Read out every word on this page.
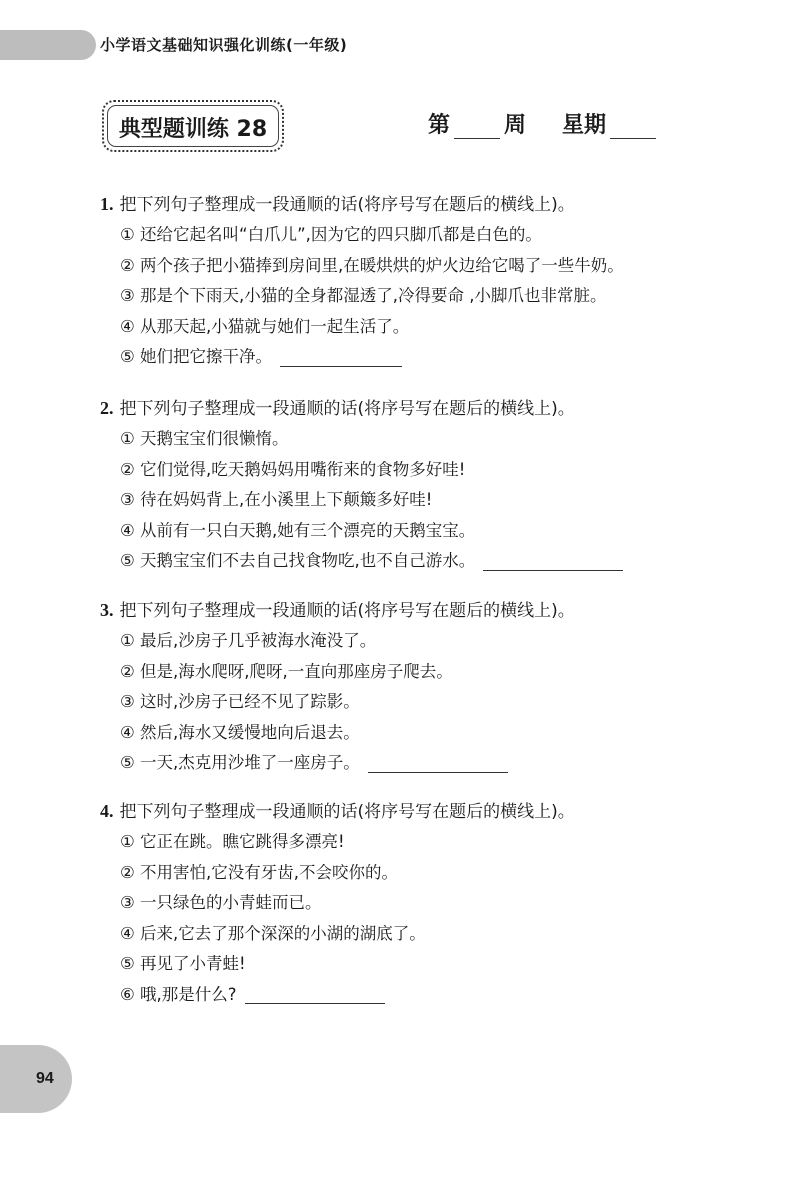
小学语文基础知识强化训练(一年级)
典型题训练 28	第 周 星期
1. 把下列句子整理成一段通顺的话(将序号写在题后的横线上)。
① 还给它起名叫“白爪儿”,因为它的四只脚爪都是白色的。
② 两个孩子把小猫捧到房间里,在暖烘烘的炉火边给它喝了一些牛奶。
③ 那是个下雨天,小猫的全身都湿透了,冷得要命 ,小脚爪也非常脏。
④ 从那天起,小猫就与她们一起生活了。
⑤ 她们把它擦干净。
2. 把下列句子整理成一段通顺的话(将序号写在题后的横线上)。
① 天鹅宝宝们很懒惰。
② 它们觉得,吃天鹅妈妈用嘴衔来的食物多好哇!
③ 待在妈妈背上,在小溪里上下颠簸多好哇!
④ 从前有一只白天鹅,她有三个漂亮的天鹅宝宝。
⑤ 天鹅宝宝们不去自己找食物吃,也不自己游水。
3. 把下列句子整理成一段通顺的话(将序号写在题后的横线上)。
① 最后,沙房子几乎被海水淹没了。
② 但是,海水爬呀,爬呀,一直向那座房子爬去。
③ 这时,沙房子已经不见了踪影。
④ 然后,海水又缓慢地向后退去。
⑤ 一天,杰克用沙堆了一座房子。
4. 把下列句子整理成一段通顺的话(将序号写在题后的横线上)。
① 它正在跳。瞧它跳得多漂亮!
② 不用害怕,它没有牙齿,不会咬你的。
③ 一只绿色的小青蛙而已。
④ 后来,它去了那个深深的小湖的湖底了。
⑤ 再见了小青蛙!
⑥ 哦,那是什么?
94
